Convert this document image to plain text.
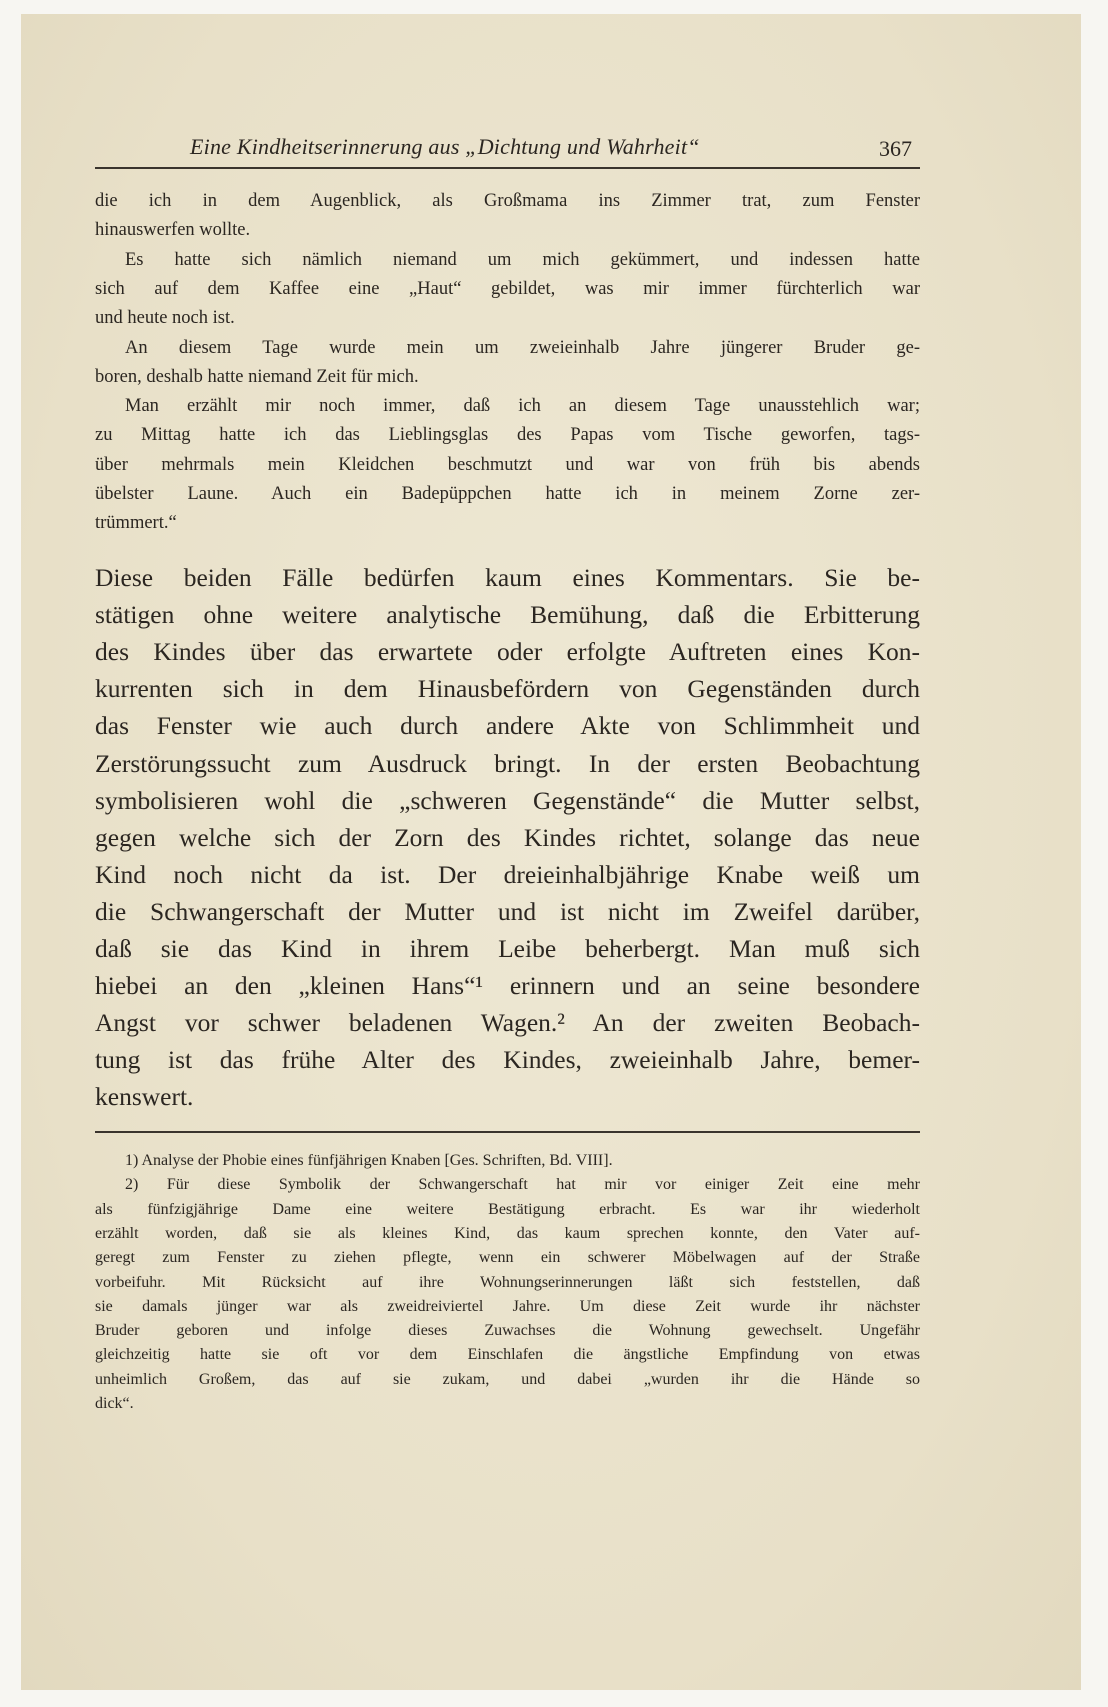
Eine Kindheitserinnerung aus „Dichtung und Wahrheit“	367
die ich in dem Augenblick, als Großmama ins Zimmer trat, zum Fenster
hinauswerfen wollte.
Es hatte sich nämlich niemand um mich gekümmert, und indessen hatte
sich auf dem Kaffee eine „Haut“ gebildet, was mir immer fürchterlich war
und heute noch ist.
An diesem Tage wurde mein um zweieinhalb Jahre jüngerer Bruder ge-
boren, deshalb hatte niemand Zeit für mich.
Man erzählt mir noch immer, daß ich an diesem Tage unausstehlich war;
zu Mittag hatte ich das Lieblingsglas des Papas vom Tische geworfen, tags-
über mehrmals mein Kleidchen beschmutzt und war von früh bis abends
übelster Laune. Auch ein Badepüppchen hatte ich in meinem Zorne zer-
trümmert.“
Diese beiden Fälle bedürfen kaum eines Kommentars. Sie be-
stätigen ohne weitere analytische Bemühung, daß die Erbitterung
des Kindes über das erwartete oder erfolgte Auftreten eines Kon-
kurrenten sich in dem Hinausbefördern von Gegenständen durch
das Fenster wie auch durch andere Akte von Schlimmheit und
Zerstörungssucht zum Ausdruck bringt. In der ersten Beobachtung
symbolisieren wohl die „schweren Gegenstände“ die Mutter selbst,
gegen welche sich der Zorn des Kindes richtet, solange das neue
Kind noch nicht da ist. Der dreieinhalbjährige Knabe weiß um
die Schwangerschaft der Mutter und ist nicht im Zweifel darüber,
daß sie das Kind in ihrem Leibe beherbergt. Man muß sich
hiebei an den „kleinen Hans“¹ erinnern und an seine besondere
Angst vor schwer beladenen Wagen.² An der zweiten Beobach-
tung ist das frühe Alter des Kindes, zweieinhalb Jahre, bemer-
kenswert.
1) Analyse der Phobie eines fünfjährigen Knaben [Ges. Schriften, Bd. VIII].
2) Für diese Symbolik der Schwangerschaft hat mir vor einiger Zeit eine mehr
als fünfzigjährige Dame eine weitere Bestätigung erbracht. Es war ihr wiederholt
erzählt worden, daß sie als kleines Kind, das kaum sprechen konnte, den Vater auf-
geregt zum Fenster zu ziehen pflegte, wenn ein schwerer Möbelwagen auf der Straße
vorbeifuhr. Mit Rücksicht auf ihre Wohnungserinnerungen läßt sich feststellen, daß
sie damals jünger war als zweidreiviertel Jahre. Um diese Zeit wurde ihr nächster
Bruder geboren und infolge dieses Zuwachses die Wohnung gewechselt. Ungefähr
gleichzeitig hatte sie oft vor dem Einschlafen die ängstliche Empfindung von etwas
unheimlich Großem, das auf sie zukam, und dabei „wurden ihr die Hände so
dick“.
